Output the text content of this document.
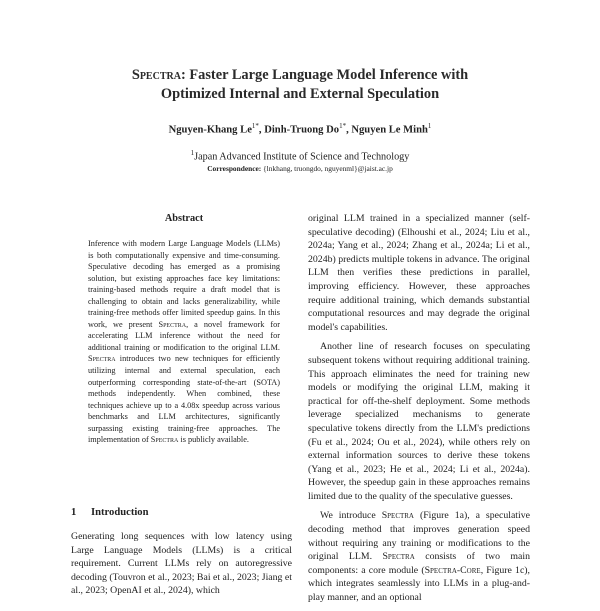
Spectra: Faster Large Language Model Inference with
Optimized Internal and External Speculation
Nguyen-Khang $Le^{1*}$, Dinh-Truong $Do^{1*}$, Nguyen Le Minh$^1$
$^1$Japan Advanced Institute of Science and Technology
Correspondence: {lnkhang, truongdo, nguyenml}@jaist.ac.jp
Abstract

Inference with modern Large Language Models (LLMs) is both computationally expensive and time-consuming. Speculative decoding has emerged as a promising solution, but existing approaches face key limitations: training-based methods require a draft model that is challenging to obtain and lacks generalizability, while training-free methods offer limited speedup gains. In this work, we present Spectra, a novel framework for accelerating LLM inference without the need for additional training or modification to the original LLM. Spectra introduces two new techniques for efficiently utilizing internal and external speculation, each outperforming corresponding state-of-the-art (SOTA) methods independently. When combined, these techniques achieve up to a 4.08x speedup across various benchmarks and LLM architectures, significantly surpassing existing training-free approaches. The implementation of Spectra is publicly available.

1 Introduction

Generating long sequences with low latency using Large Language Models (LLMs) is a critical requirement. Current LLMs rely on autoregressive decoding (Touvron et al., 2023; Bai et al., 2023; Jiang et al., 2023; OpenAI et al., 2024), which

original LLM trained in a specialized manner (self-speculative decoding) (Elhoushi et al., 2024; Liu et al., 2024a; Yang et al., 2024; Zhang et al., 2024a; Li et al., 2024b) predicts multiple tokens in advance. The original LLM then verifies these predictions in parallel, improving efficiency. However, these approaches require additional training, which demands substantial computational resources and may degrade the original model's capabilities.

Another line of research focuses on speculating subsequent tokens without requiring additional training. This approach eliminates the need for training new models or modifying the original LLM, making it practical for off-the-shelf deployment. Some methods leverage specialized mechanisms to generate speculative tokens directly from the LLM's predictions (Fu et al., 2024; Ou et al., 2024), while others rely on external information sources to derive these tokens (Yang et al., 2023; He et al., 2024; Li et al., 2024a). However, the speedup gain in these approaches remains limited due to the quality of the speculative guesses.

We introduce Spectra (Figure 1a), a speculative decoding method that improves generation speed without requiring any training or modifications to the original LLM. Spectra consists of two main components: a core module (Spectra-Core, Figure 1c), which integrates seamlessly into LLMs in a plug-and-play manner, and an optional
